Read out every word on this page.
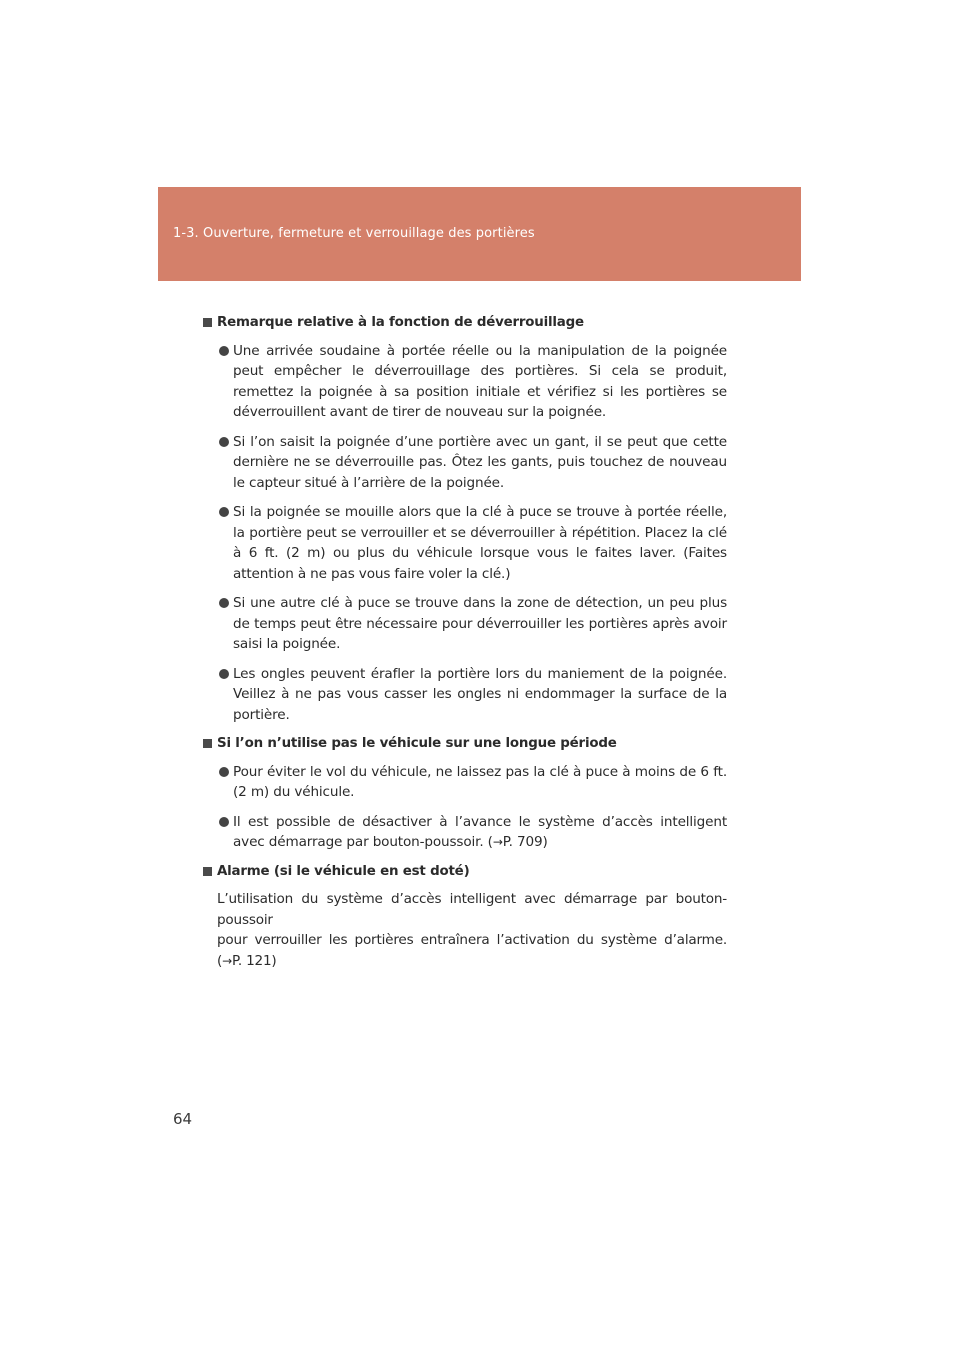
1-3. Ouverture, fermeture et verrouillage des portières
Remarque relative à la fonction de déverrouillage
Une arrivée soudaine à portée réelle ou la manipulation de la poignée peut empêcher le déverrouillage des portières. Si cela se produit, remettez la poignée à sa position initiale et vérifiez si les portières se déverrouillent avant de tirer de nouveau sur la poignée.
Si l’on saisit la poignée d’une portière avec un gant, il se peut que cette dernière ne se déverrouille pas. Ôtez les gants, puis touchez de nouveau le capteur situé à l’arrière de la poignée.
Si la poignée se mouille alors que la clé à puce se trouve à portée réelle, la portière peut se verrouiller et se déverrouiller à répétition. Placez la clé à 6 ft. (2 m) ou plus du véhicule lorsque vous le faites laver. (Faites attention à ne pas vous faire voler la clé.)
Si une autre clé à puce se trouve dans la zone de détection, un peu plus de temps peut être nécessaire pour déverrouiller les portières après avoir saisi la poignée.
Les ongles peuvent érafler la portière lors du maniement de la poignée. Veillez à ne pas vous casser les ongles ni endommager la surface de la portière.
Si l’on n’utilise pas le véhicule sur une longue période
Pour éviter le vol du véhicule, ne laissez pas la clé à puce à moins de 6 ft. (2 m) du véhicule.
Il est possible de désactiver à l’avance le système d’accès intelligent avec démarrage par bouton-poussoir. (→P. 709)
Alarme (si le véhicule en est doté)
L’utilisation du système d’accès intelligent avec démarrage par bouton-poussoir
pour verrouiller les portières entraînera l’activation du système d’alarme. (→P. 121)
64
